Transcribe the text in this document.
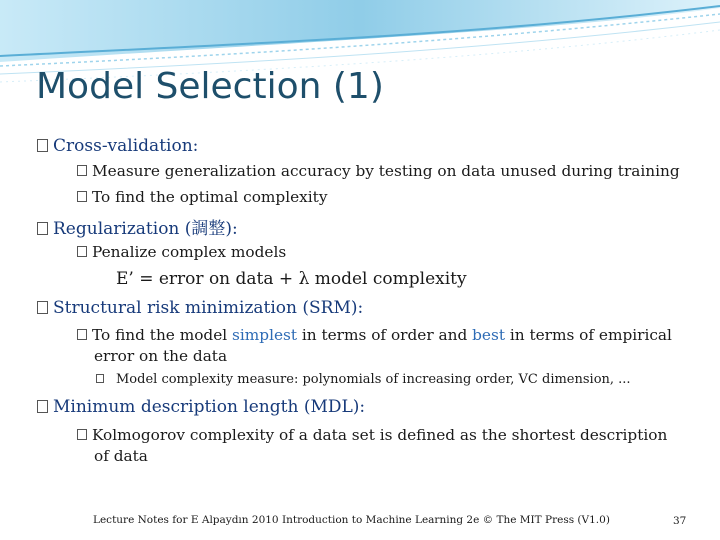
Model Selection (1)
Cross-validation:
Measure generalization accuracy by testing on data unused during training
To find the optimal complexity
Regularization (調整):
Penalize complex models
E’ = error on data + λ model complexity
Structural risk minimization (SRM):
To find the model simplest in terms of order and best in terms of empirical
error on the data
Model complexity measure: polynomials of increasing order, VC dimension, ...
Minimum description length (MDL):
Kolmogorov complexity of a data set is defined as the shortest description
of data
Lecture Notes for E Alpaydın 2010 Introduction to Machine Learning 2e © The MIT Press (V1.0)	37
